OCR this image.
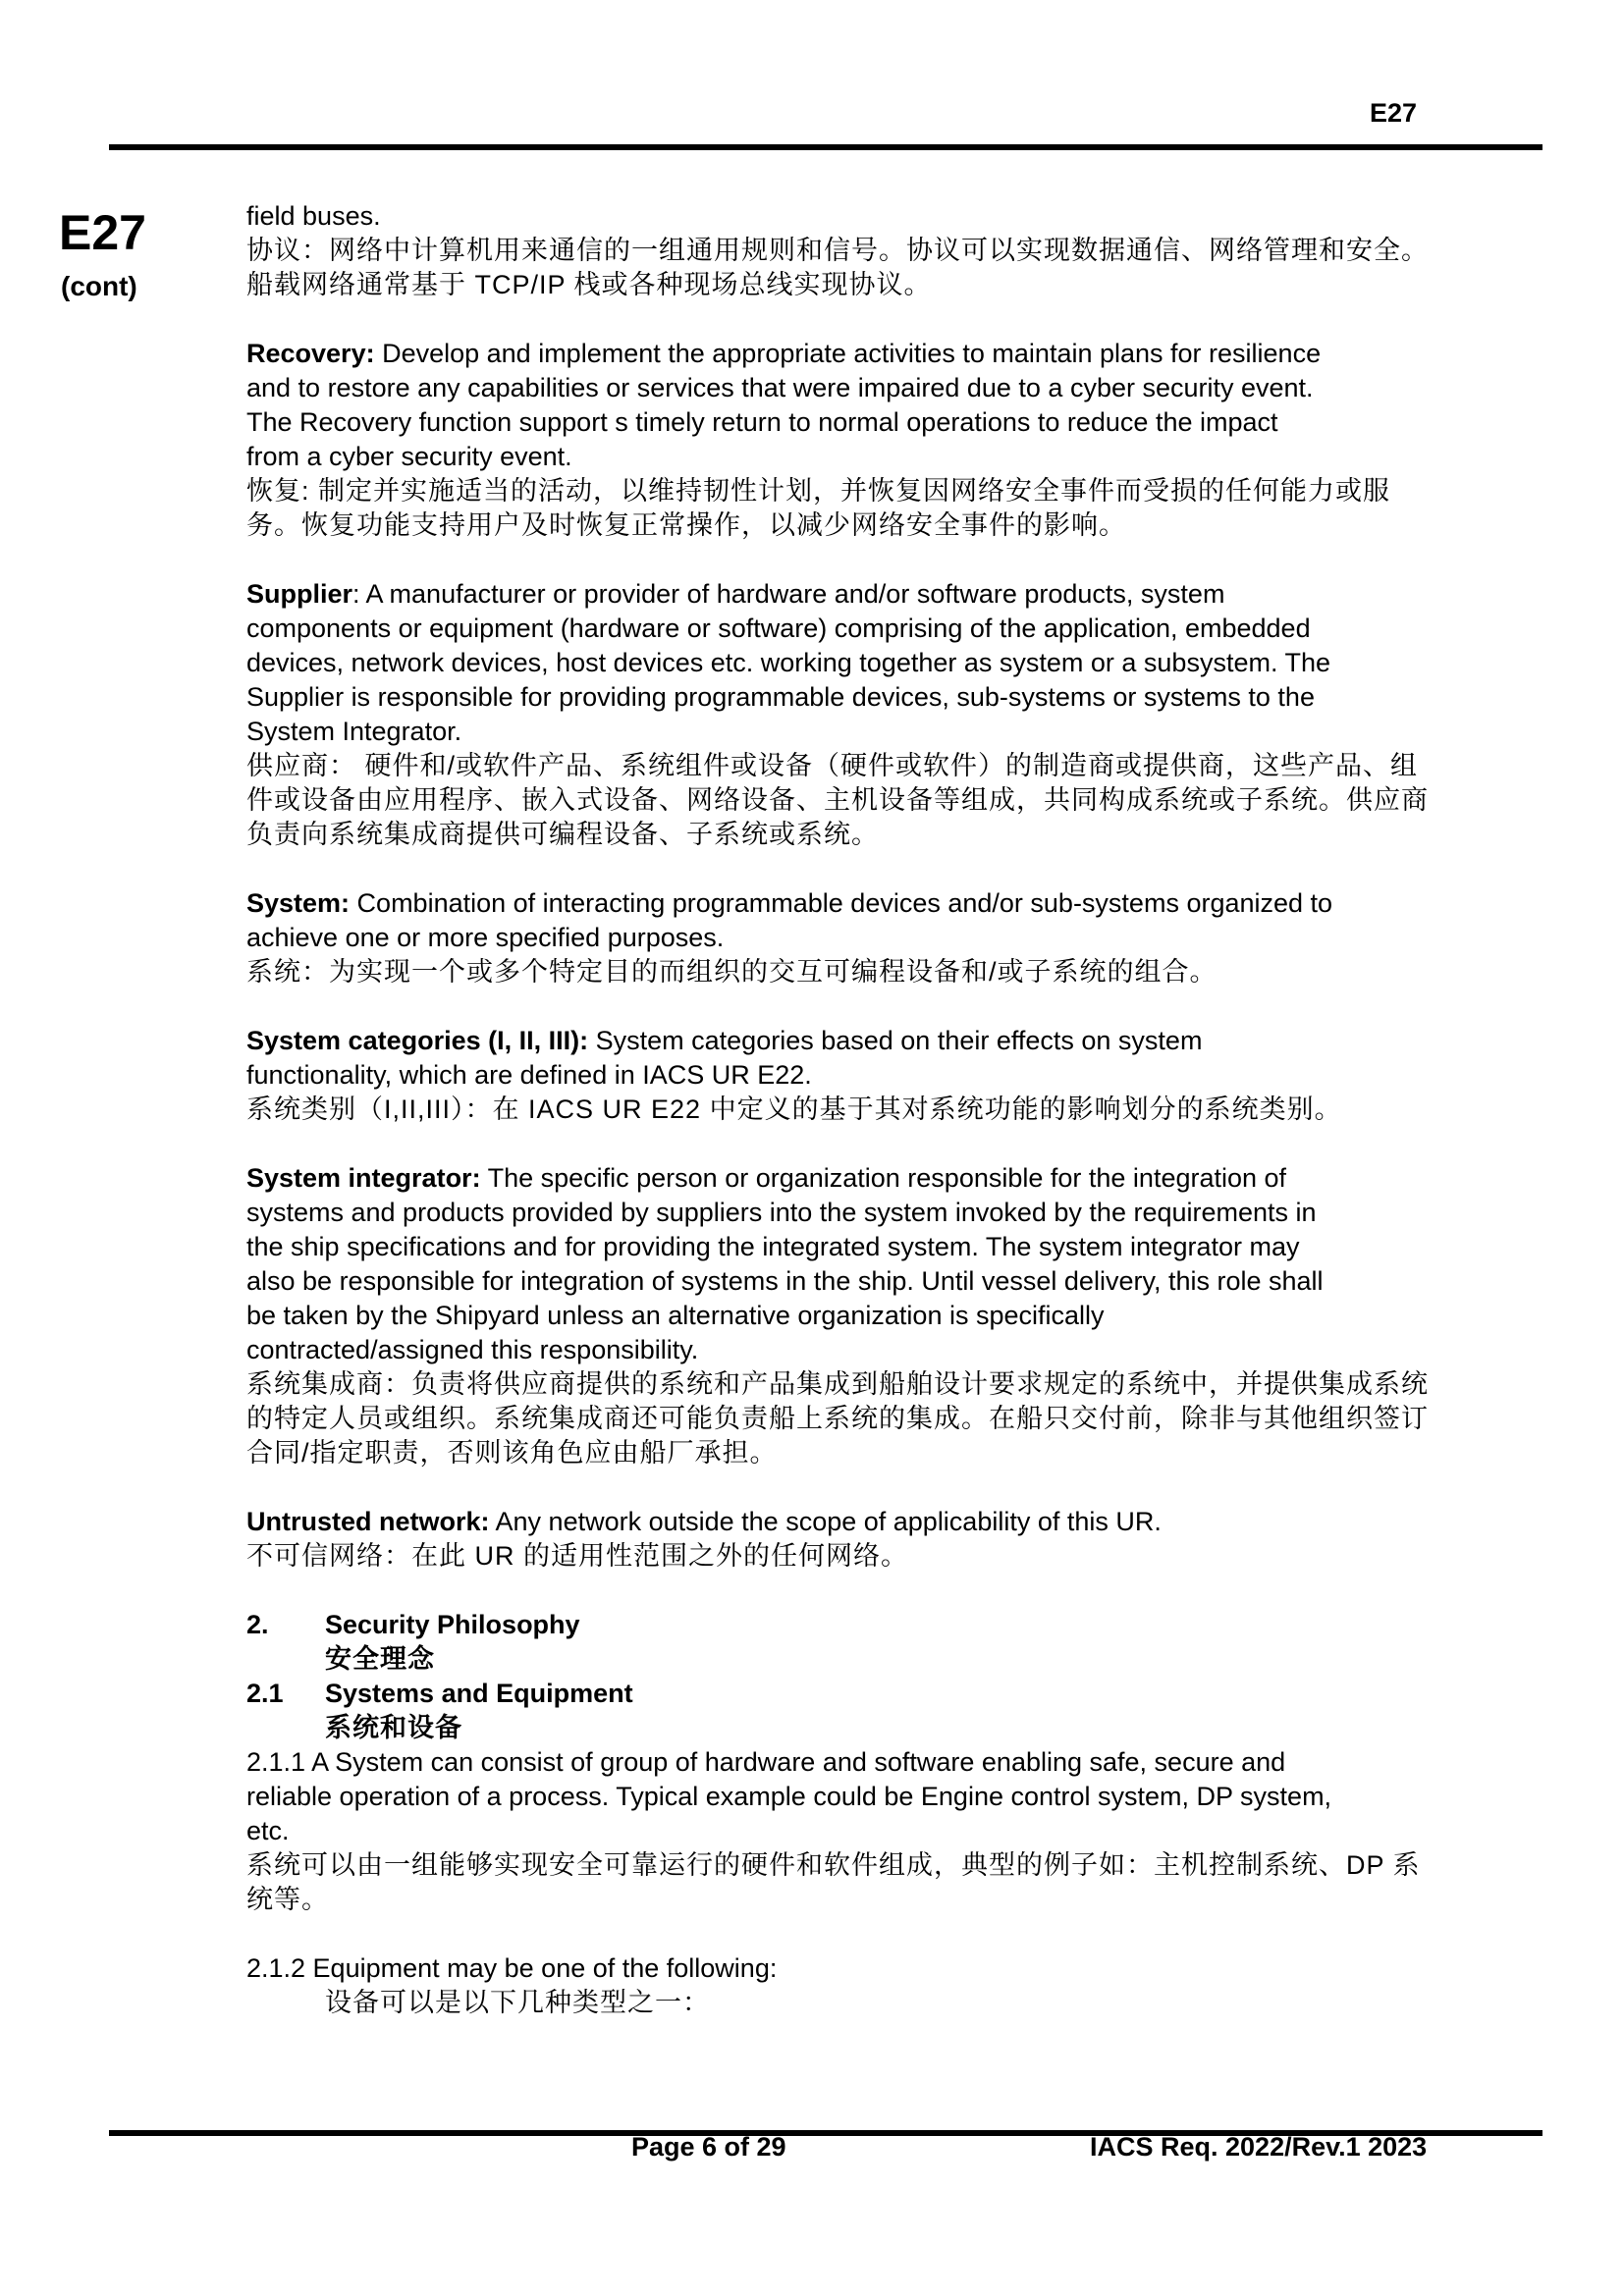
E27
E27
(cont)

field buses.

协议：网络中计算机用来通信的一组通用规则和信号。协议可以实现数据通信、网络管理和安全。

船载网络通常基于 TCP/IP 栈或各种现场总线实现协议。

Recovery: Develop and implement the appropriate activities to maintain plans for resilience

and to restore any capabilities or services that were impaired due to a cyber security event.

The Recovery function support s timely return to normal operations to reduce the impact

from a cyber security event.

恢复: 制定并实施适当的活动，以维持韧性计划，并恢复因网络安全事件而受损的任何能力或服

务。恢复功能支持用户及时恢复正常操作，以减少网络安全事件的影响。

Supplier: A manufacturer or provider of hardware and/or software products, system

components or equipment (hardware or software) comprising of the application, embedded

devices, network devices, host devices etc. working together as system or a subsystem. The

Supplier is responsible for providing programmable devices, sub-systems or systems to the

System Integrator.

供应商： 硬件和/或软件产品、系统组件或设备（硬件或软件）的制造商或提供商，这些产品、组

件或设备由应用程序、嵌入式设备、网络设备、主机设备等组成，共同构成系统或子系统。供应商

负责向系统集成商提供可编程设备、子系统或系统。

System: Combination of interacting programmable devices and/or sub-systems organized to

achieve one or more specified purposes.

系统：为实现一个或多个特定目的而组织的交互可编程设备和/或子系统的组合。

System categories (I, II, III): System categories based on their effects on system

functionality, which are defined in IACS UR E22.

系统类别（I,II,III）：在 IACS UR E22 中定义的基于其对系统功能的影响划分的系统类别。

System integrator: The specific person or organization responsible for the integration of

systems and products provided by suppliers into the system invoked by the requirements in

the ship specifications and for providing the integrated system. The system integrator may

also be responsible for integration of systems in the ship. Until vessel delivery, this role shall

be taken by the Shipyard unless an alternative organization is specifically

contracted/assigned this responsibility.

系统集成商：负责将供应商提供的系统和产品集成到船舶设计要求规定的系统中，并提供集成系统

的特定人员或组织。系统集成商还可能负责船上系统的集成。在船只交付前，除非与其他组织签订

合同/指定职责，否则该角色应由船厂承担。

Untrusted network: Any network outside the scope of applicability of this UR.

不可信网络：在此 UR 的适用性范围之外的任何网络。

2.	Security Philosophy

安全理念

2.1	Systems and Equipment

系统和设备

2.1.1 A System can consist of group of hardware and software enabling safe, secure and

reliable operation of a process. Typical example could be Engine control system, DP system,

etc.

系统可以由一组能够实现安全可靠运行的硬件和软件组成，典型的例子如：主机控制系统、DP 系

统等。

2.1.2 Equipment may be one of the following:

设备可以是以下几种类型之一：

Page 6 of 29	IACS Req. 2022/Rev.1 2023
